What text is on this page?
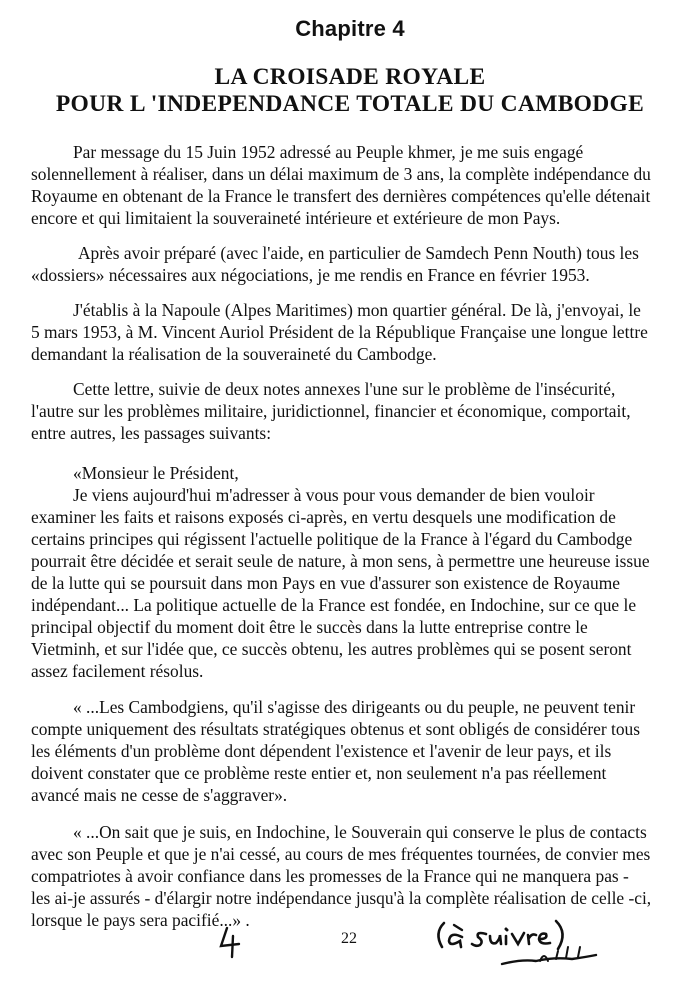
Chapitre 4
LA CROISADE ROYALE
POUR L 'INDEPENDANCE TOTALE DU CAMBODGE
Par message du 15 Juin 1952 adressé au Peuple khmer, je me suis engagé
solennellement à réaliser, dans un délai maximum de 3 ans, la complète indépendance du
Royaume en obtenant de la France le transfert des dernières compétences qu'elle détenait
encore et qui limitaient la souveraineté intérieure et extérieure de mon Pays.
Après avoir préparé (avec l'aide, en particulier de Samdech Penn Nouth) tous les
«dossiers» nécessaires aux négociations, je me rendis en France en février 1953.
J'établis à la Napoule (Alpes Maritimes) mon quartier général. De là, j'envoyai, le
5 mars 1953, à M. Vincent Auriol Président de la République Française une longue lettre
demandant la réalisation de la souveraineté du Cambodge.
Cette lettre, suivie de deux notes annexes l'une sur le problème de l'insécurité,
l'autre sur les problèmes militaire, juridictionnel, financier et économique, comportait,
entre autres, les passages suivants:
«Monsieur le Président,
Je viens aujourd'hui m'adresser à vous pour vous demander de bien vouloir
examiner les faits et raisons exposés ci-après, en vertu desquels une modification de
certains principes qui régissent l'actuelle politique de la France à l'égard du Cambodge
pourrait être décidée et serait seule de nature, à mon sens, à permettre une heureuse issue
de la lutte qui se poursuit dans mon Pays en vue d'assurer son existence de Royaume
indépendant... La politique actuelle de la France est fondée, en Indochine, sur ce que le
principal objectif du moment doit être le succès dans la lutte entreprise contre le
Vietminh, et sur l'idée que, ce succès obtenu, les autres problèmes qui se posent seront
assez facilement résolus.
« ...Les Cambodgiens, qu'il s'agisse des dirigeants ou du peuple, ne peuvent tenir
compte uniquement des résultats stratégiques obtenus et sont obligés de considérer tous
les éléments d'un problème dont dépendent l'existence et l'avenir de leur pays, et ils
doivent constater que ce problème reste entier et, non seulement n'a pas réellement
avancé mais ne cesse de s'aggraver».
« ...On sait que je suis, en Indochine, le Souverain qui conserve le plus de contacts
avec son Peuple et que je n'ai cessé, au cours de mes fréquentes tournées, de convier mes
compatriotes à avoir confiance dans les promesses de la France qui ne manquera pas -
les ai-je assurés - d'élargir notre indépendance jusqu'à la complète réalisation de celle -ci,
lorsque le pays sera pacifié...» .
22
